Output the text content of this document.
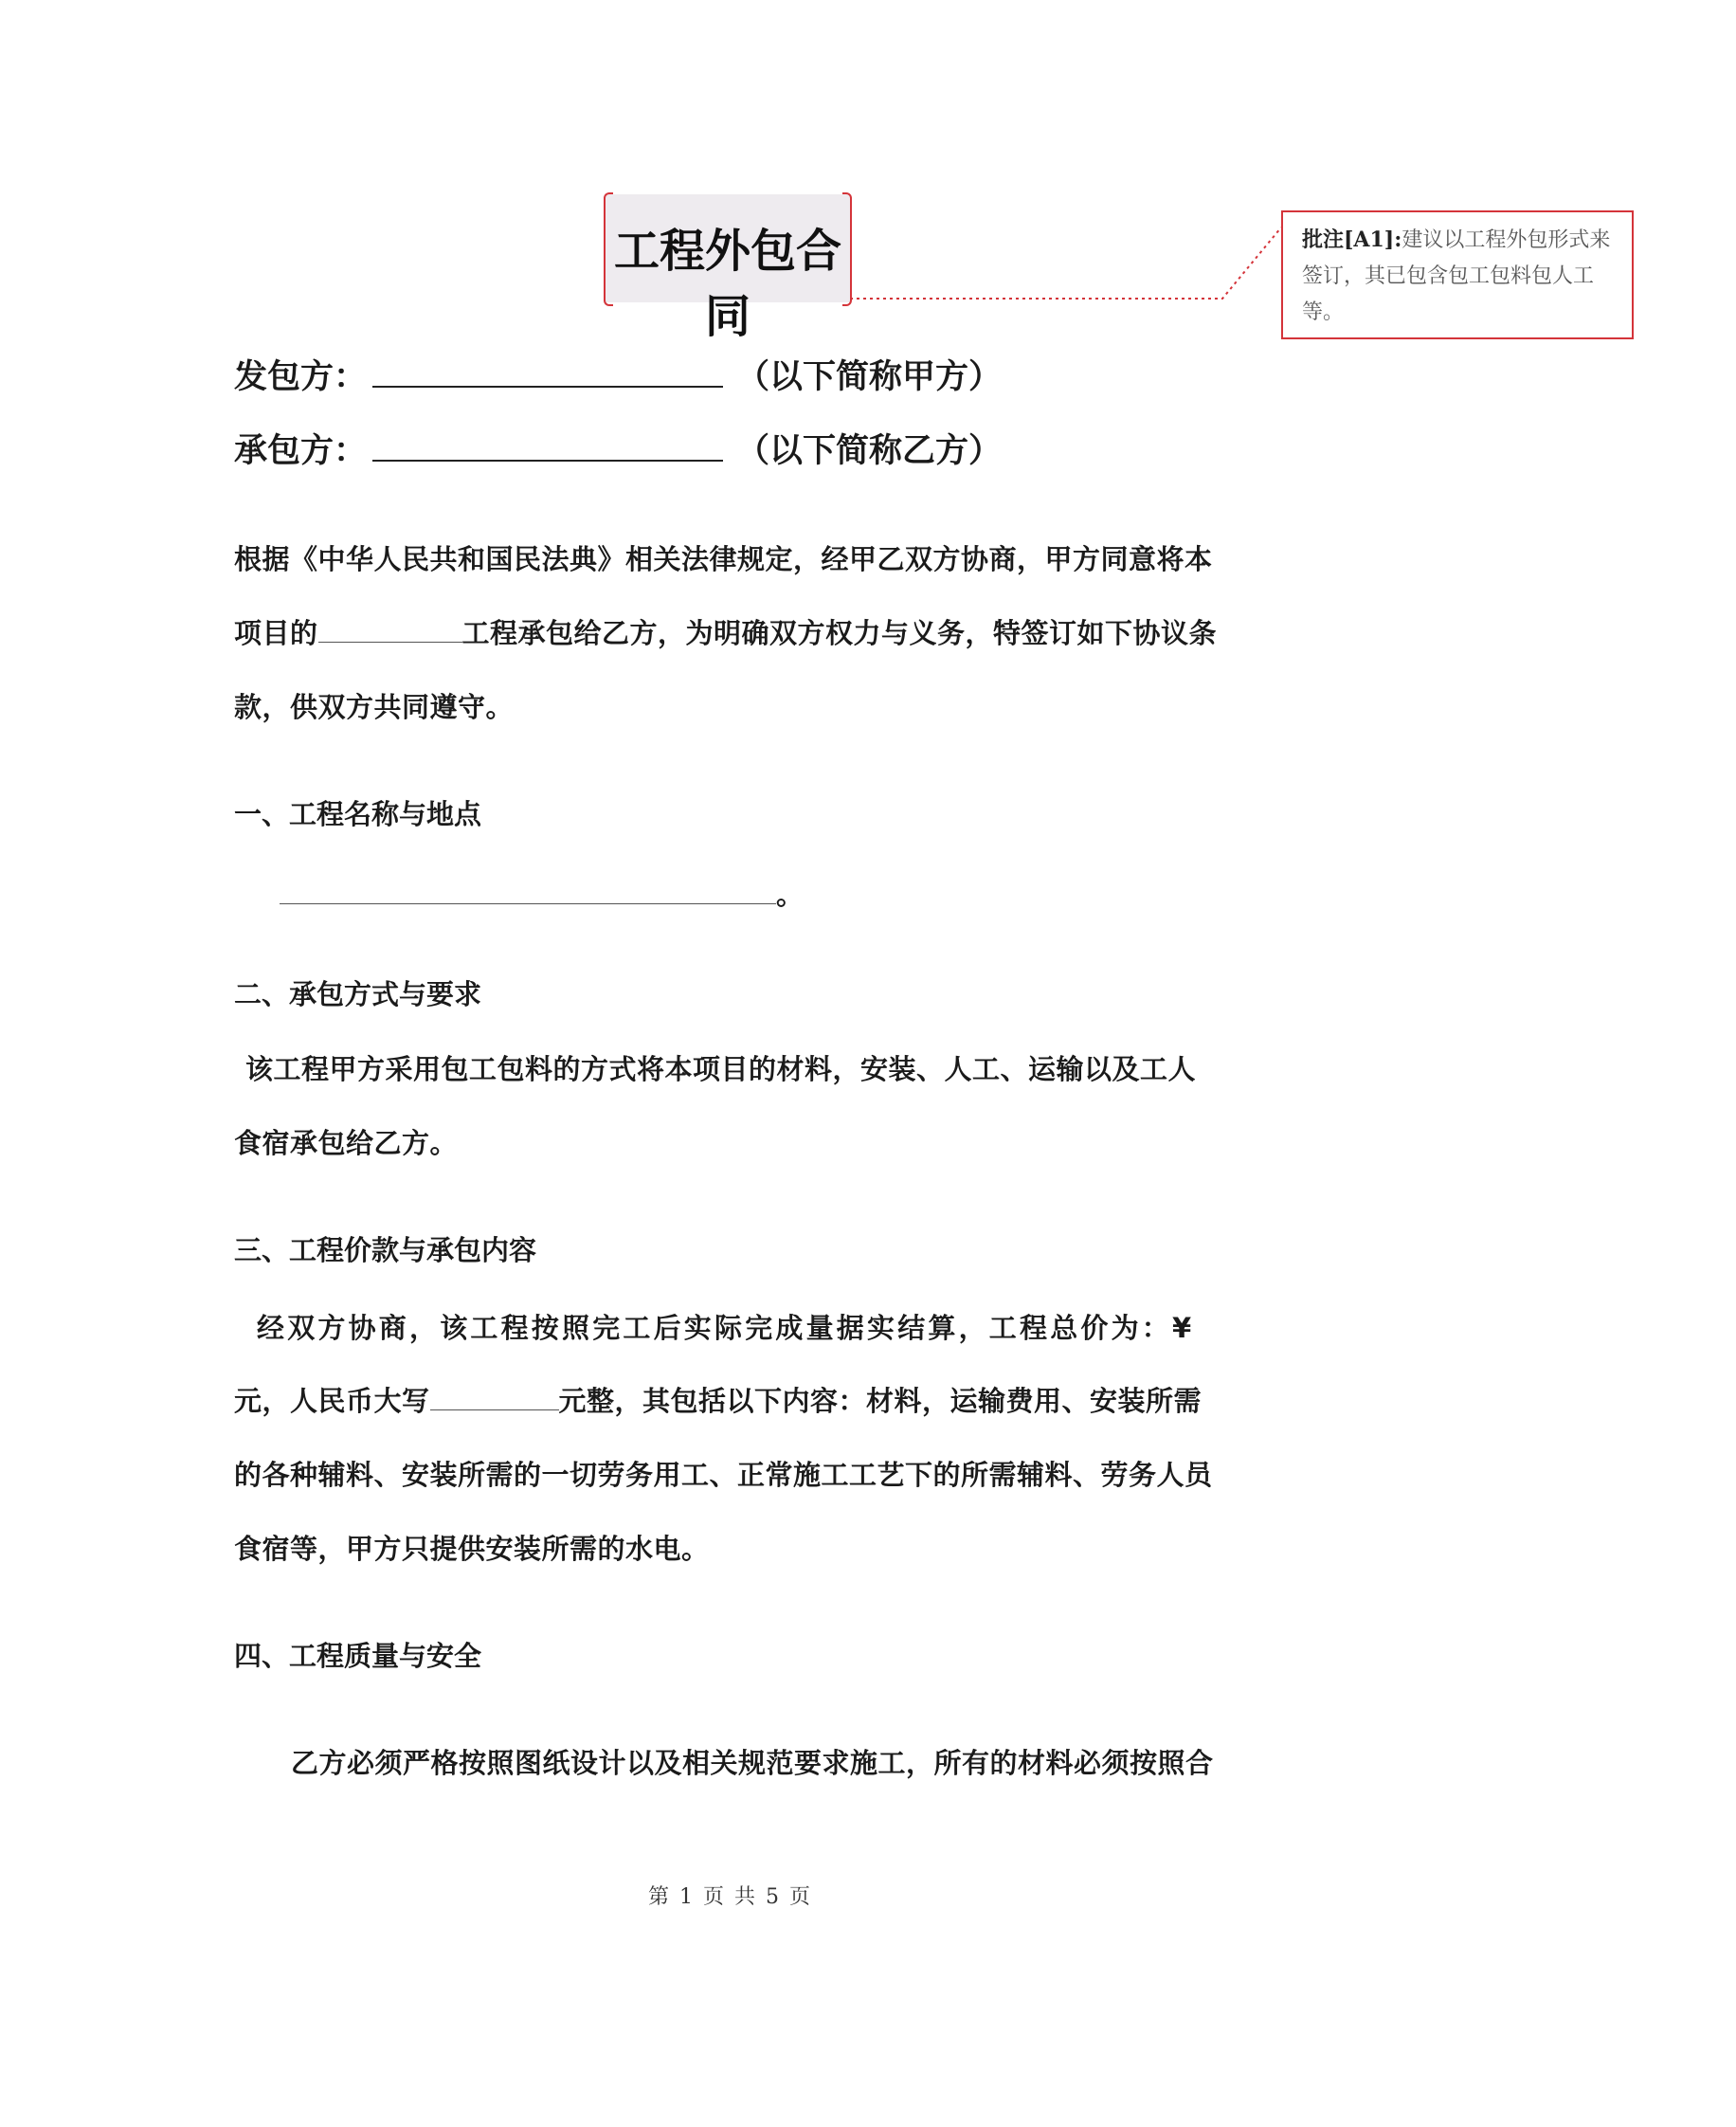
工程外包合同
批注[A1]:建议以工程外包形式来
签订，其已包含包工包料包人工
等。
发包方：	（以下简称甲方）
承包方：	（以下简称乙方）
根据《中华人民共和国民法典》相关法律规定，经甲乙双方协商，甲方同意将本
项目的	工程承包给乙方，为明确双方权力与义务，特签订如下协议条
款，供双方共同遵守。
一、工程名称与地点
。
二、承包方式与要求
该工程甲方采用包工包料的方式将本项目的材料，安装、人工、运输以及工人
食宿承包给乙方。
三、工程价款与承包内容
经双方协商，该工程按照完工后实际完成量据实结算，工程总价为：¥
元，人民币大写	元整，其包括以下内容：材料，运输费用、安装所需
的各种辅料、安装所需的一切劳务用工、正常施工工艺下的所需辅料、劳务人员
食宿等，甲方只提供安装所需的水电。
四、工程质量与安全
乙方必须严格按照图纸设计以及相关规范要求施工，所有的材料必须按照合
第 1 页 共 5 页
